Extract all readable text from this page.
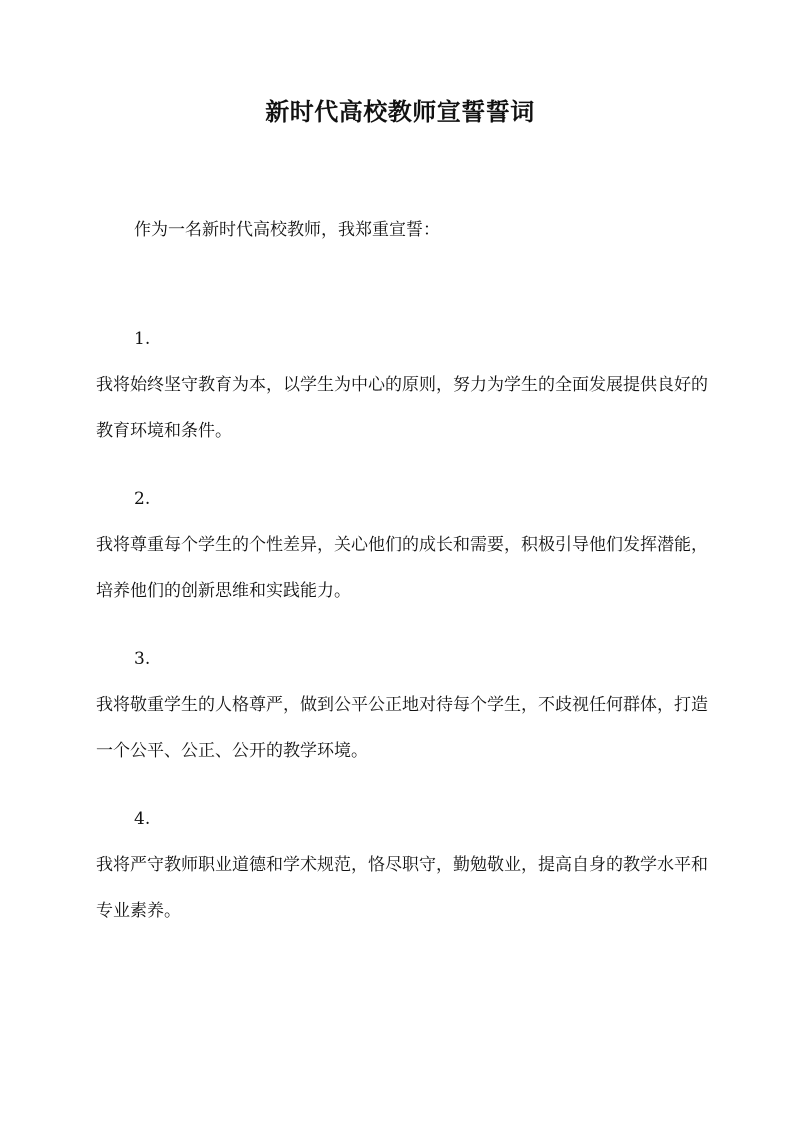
新时代高校教师宣誓誓词
作为一名新时代高校教师，我郑重宣誓：
1.
我将始终坚守教育为本，以学生为中心的原则，努力为学生的全面发展提供良好的教育环境和条件。
2.
我将尊重每个学生的个性差异，关心他们的成长和需要，积极引导他们发挥潜能，培养他们的创新思维和实践能力。
3.
我将敬重学生的人格尊严，做到公平公正地对待每个学生，不歧视任何群体，打造一个公平、公正、公开的教学环境。
4.
我将严守教师职业道德和学术规范，恪尽职守，勤勉敬业，提高自身的教学水平和专业素养。
